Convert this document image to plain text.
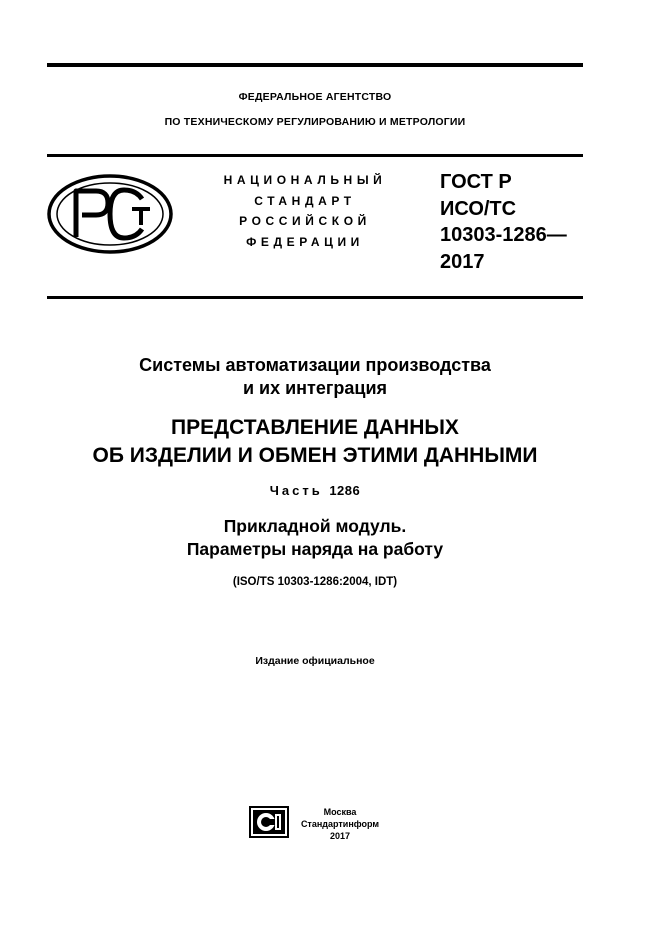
ФЕДЕРАЛЬНОЕ АГЕНТСТВО
ПО ТЕХНИЧЕСКОМУ РЕГУЛИРОВАНИЮ И МЕТРОЛОГИИ
НАЦИОНАЛЬНЫЙ
СТАНДАРТ
РОССИЙСКОЙ
ФЕДЕРАЦИИ
ГОСТ Р
ИСО/ТС
10303-1286—
2017
Системы автоматизации производства
и их интеграция
ПРЕДСТАВЛЕНИЕ ДАННЫХ
ОБ ИЗДЕЛИИ И ОБМЕН ЭТИМИ ДАННЫМИ
Часть 1286
Прикладной модуль.
Параметры наряда на работу
(ISO/TS 10303-1286:2004, IDT)
Издание официальное
Москва
Стандартинформ
2017
